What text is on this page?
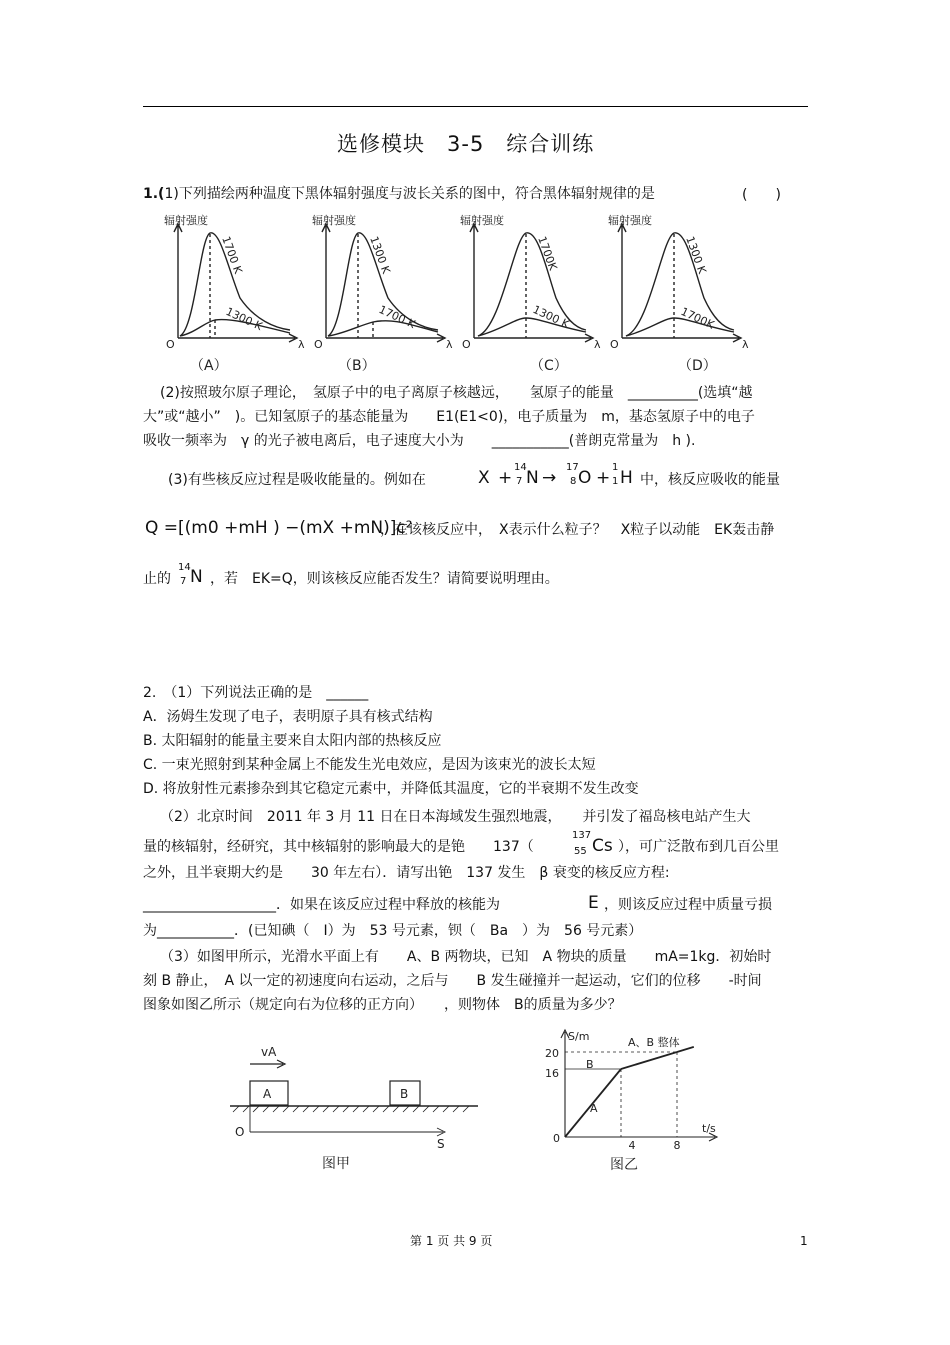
选修模块　3-5　综合训练
1.(1)下列描绘两种温度下黑体辐射强度与波长关系的图中，符合黑体辐射规律的是	(　　)
辐射强度	辐射强度	辐射强度	辐射强度
1700 K
1300 K
1300 K
1700 K
1700K
1300 K
1300 K
1700K
O	λ O	λ O	λ O	λ
（A）	（B）	（C）	（D）
(2)按照玻尔原子理论，　氢原子中的电子离原子核越远，　　氢原子的能量　__________(选填“越
大”或“越小”　)。已知氢原子的基态能量为　　E1(E1<0)，电子质量为　m，基态氢原子中的电子
吸收一频率为　γ 的光子被电离后，电子速度大小为　　___________(普朗克常量为　h ).
(3)有些核反应过程是吸收能量的。例如在	X +
14
7 N →
17
8 O +
1
1 H 中，核反应吸收的能量
Q =[(m0 +mH ) −(mX +mN)]c²
，在该核反应中，　X表示什么粒子？　X粒子以动能　EK轰击静
止的
14
7 N ，若　EK=Q，则该核反应能否发生？请简要说明理由。
2.　（1）下列说法正确的是　______
A．汤姆生发现了电子，表明原子具有核式结构
B. 太阳辐射的能量主要来自太阳内部的热核反应
C. 一束光照射到某种金属上不能发生光电效应，是因为该束光的波长太短
D. 将放射性元素掺杂到其它稳定元素中，并降低其温度，它的半衰期不发生改变
（2）北京时间　2011 年 3 月 11 日在日本海域发生强烈地震，　　并引发了福岛核电站产生大
量的核辐射，经研究，其中核辐射的影响最大的是铯　　137（
137
55 Cs ），可广泛散布到几百公里
之外，且半衰期大约是　　30 年左右）．请写出铯　137 发生　β 衰变的核反应方程:
___________________．如果在该反应过程中释放的核能为	E ，则该反应过程中质量亏损
为___________．(已知碘（　I）为　53 号元素，钡（　Ba　）为　56 号元素）
（3）如图甲所示，光滑水平面上有　　A、B 两物块，已知　A 物块的质量　　mA=1kg．初始时
刻 B 静止，　A 以一定的初速度向右运动，之后与　　B 发生碰撞并一起运动，它们的位移　　-时间
图象如图乙所示（规定向右为位移的正方向）　　，则物体　B的质量为多少？
vA
A	B
O
S
图甲
S/m
t/s
A、B 整体
A
B
0
4	8
20
16
图乙
第 1 页 共 9 页	1
